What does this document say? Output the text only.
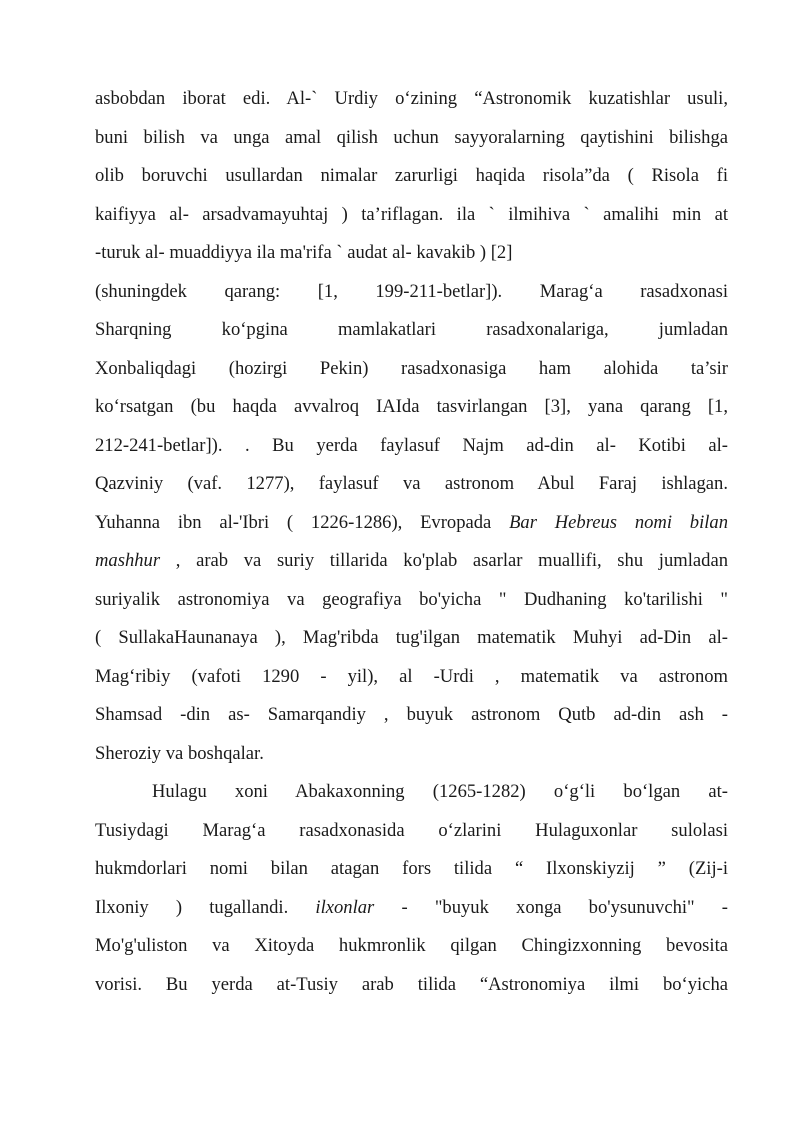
asbobdan iborat edi. Al-` Urdiy o‘zining “Astronomik kuzatishlar usuli,
buni bilish va unga amal qilish uchun sayyoralarning qaytishini bilishga
olib boruvchi usullardan nimalar zarurligi haqida risola”da ( Risola fi
kaifiyya al- arsadvamayuhtaj ) ta’riflagan. ila ` ilmihiva ` amalihi min at
-turuk al- muaddiyya ila ma'rifa ` audat al- kavakib ) [2]
(shuningdek qarang: [1, 199-211-betlar]). Marag‘a rasadxonasi
Sharqning ko‘pgina mamlakatlari rasadxonalariga, jumladan
Xonbaliqdagi (hozirgi Pekin) rasadxonasiga ham alohida ta’sir
ko‘rsatgan (bu haqda avvalroq IAIda tasvirlangan [3], yana qarang [1,
212-241-betlar]). . Bu yerda faylasuf Najm ad-din al- Kotibi al-
Qazviniy (vaf. 1277), faylasuf va astronom Abul Faraj ishlagan.
Yuhanna ibn al-'Ibri ( 1226-1286), Evropada Bar Hebreus nomi bilan
mashhur , arab va suriy tillarida ko'plab asarlar muallifi, shu jumladan
suriyalik astronomiya va geografiya bo'yicha " Dudhaning ko'tarilishi "
( SullakaHaunanaya ), Mag'ribda tug'ilgan matematik Muhyi ad-Din al-
Mag‘ribiy (vafoti 1290 - yil), al -Urdi , matematik va astronom
Shamsad -din as- Samarqandiy , buyuk astronom Qutb ad-din ash -
Sheroziy va boshqalar.
Hulagu xoni Abakaxonning (1265-1282) o‘g‘li bo‘lgan at-
Tusiydagi Marag‘a rasadxonasida o‘zlarini Hulaguxonlar sulolasi
hukmdorlari nomi bilan atagan fors tilida “ Ilxonskiyzij ” (Zij-i
Ilxoniy ) tugallandi. ilxonlar - "buyuk xonga bo'ysunuvchi" -
Mo'g'uliston va Xitoyda hukmronlik qilgan Chingizxonning bevosita
vorisi. Bu yerda at-Tusiy arab tilida “Astronomiya ilmi bo‘yicha
